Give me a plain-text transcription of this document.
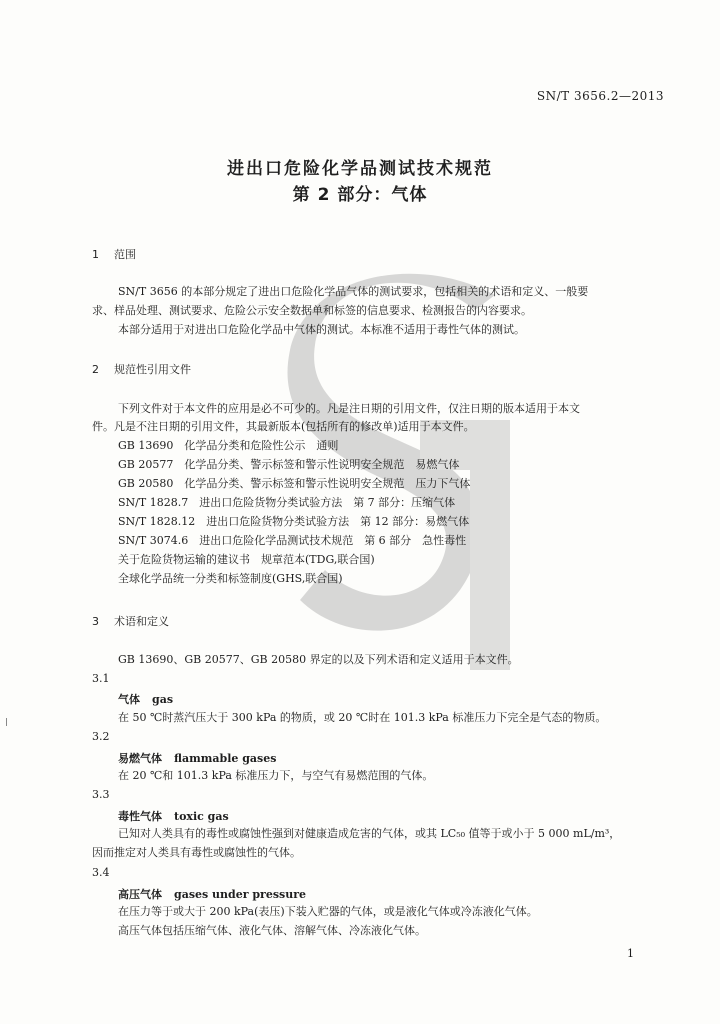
SN/T 3656.2—2013
进出口危险化学品测试技术规范
第 2 部分：气体
1 范围
SN/T 3656 的本部分规定了进出口危险化学品气体的测试要求，包括相关的术语和定义、一般要
求、样品处理、测试要求、危险公示安全数据单和标签的信息要求、检测报告的内容要求。
本部分适用于对进出口危险化学品中气体的测试。本标准不适用于毒性气体的测试。
2 规范性引用文件
下列文件对于本文件的应用是必不可少的。凡是注日期的引用文件，仅注日期的版本适用于本文
件。凡是不注日期的引用文件，其最新版本(包括所有的修改单)适用于本文件。
GB 13690　化学品分类和危险性公示　通则
GB 20577　化学品分类、警示标签和警示性说明安全规范　易燃气体
GB 20580　化学品分类、警示标签和警示性说明安全规范　压力下气体
SN/T 1828.7　进出口危险货物分类试验方法　第 7 部分：压缩气体
SN/T 1828.12　进出口危险货物分类试验方法　第 12 部分：易燃气体
SN/T 3074.6　进出口危险化学品测试技术规范　第 6 部分　急性毒性
关于危险货物运输的建议书　规章范本(TDG,联合国)
全球化学品统一分类和标签制度(GHS,联合国)
3 术语和定义
GB 13690、GB 20577、GB 20580 界定的以及下列术语和定义适用于本文件。
3.1
气体 gas
在 50 ℃时蒸汽压大于 300 kPa 的物质，或 20 ℃时在 101.3 kPa 标准压力下完全是气态的物质。
3.2
易燃气体 flammable gases
在 20 ℃和 101.3 kPa 标准压力下，与空气有易燃范围的气体。
3.3
毒性气体 toxic gas
已知对人类具有的毒性或腐蚀性强到对健康造成危害的气体，或其 LC₅₀ 值等于或小于 5 000 mL/m³，
因而推定对人类具有毒性或腐蚀性的气体。
3.4
高压气体 gases under pressure
在压力等于或大于 200 kPa(表压)下装入贮器的气体，或是液化气体或冷冻液化气体。
高压气体包括压缩气体、液化气体、溶解气体、冷冻液化气体。
1
